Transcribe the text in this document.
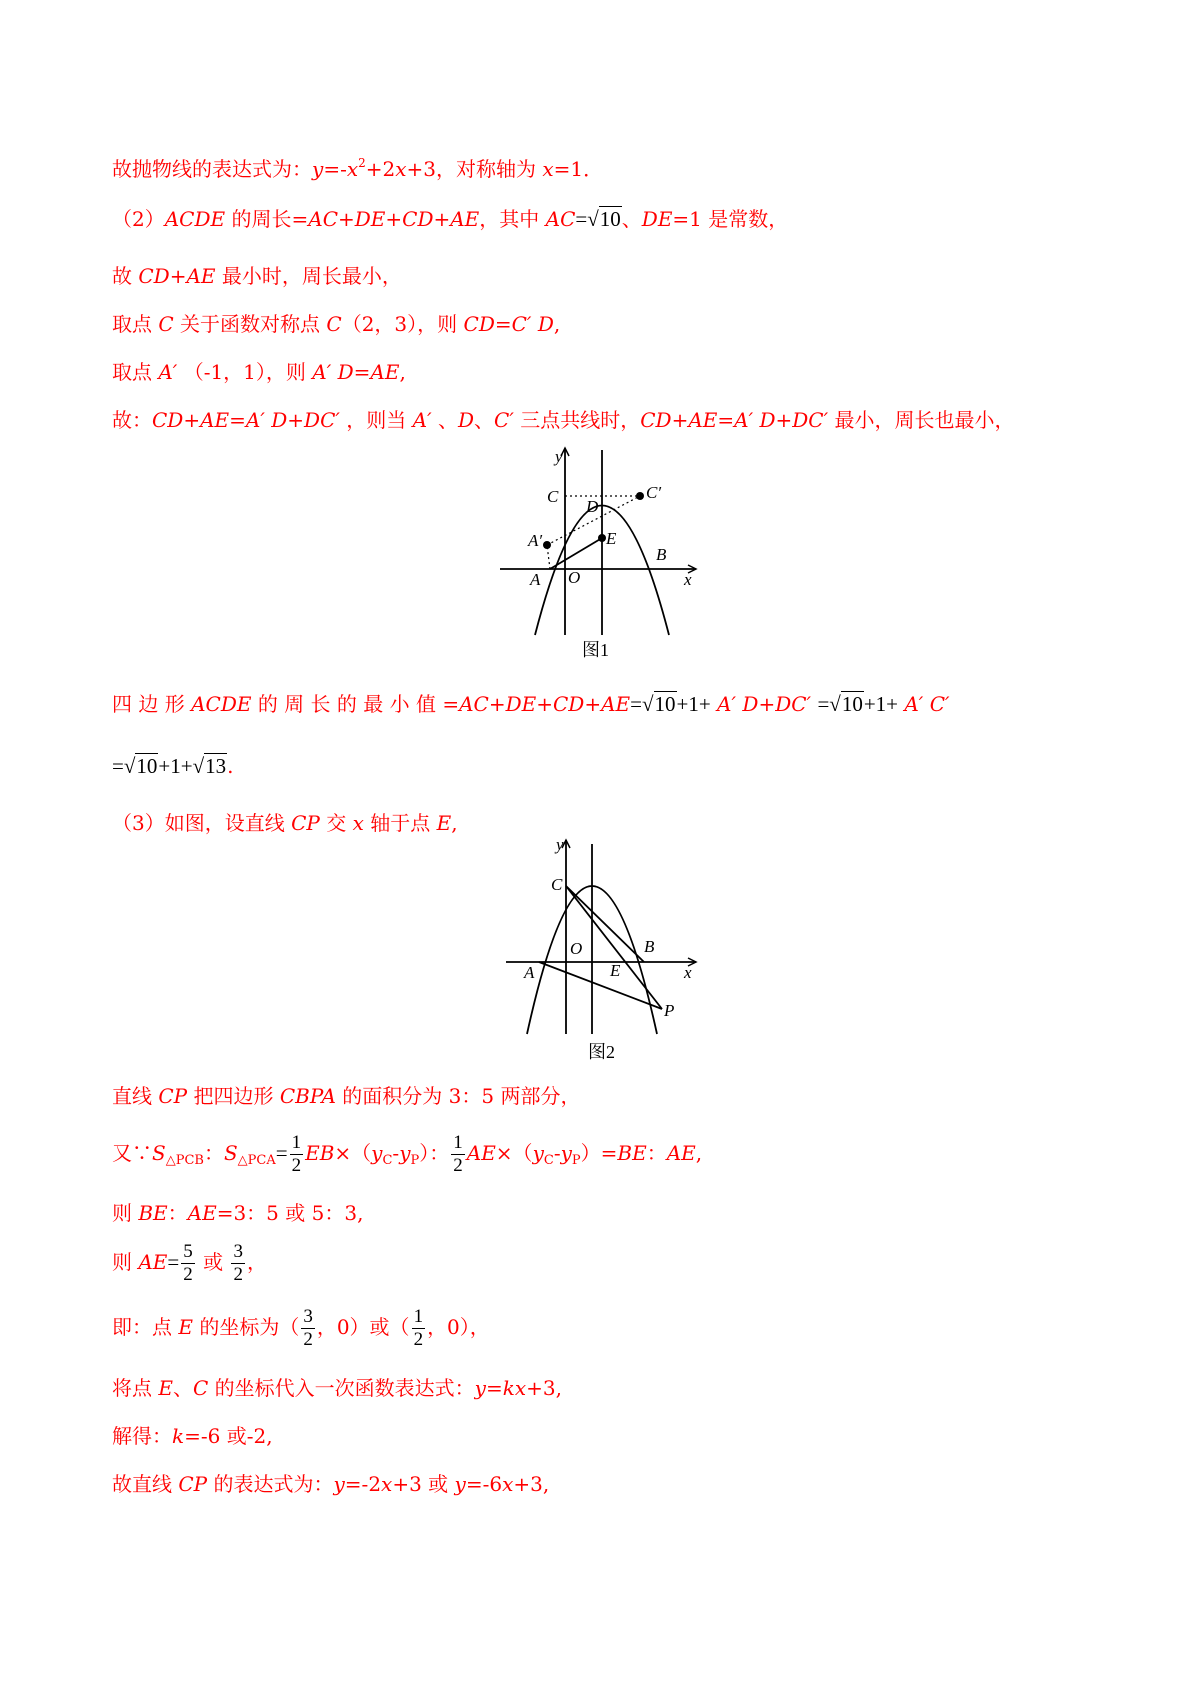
故抛物线的表达式为：$y=-x^2+2x+3$，对称轴为 x=1．
（2）ACDE 的周长=AC+DE+CD+AE，其中 AC=√10、DE=1 是常数，
故 CD+AE 最小时，周长最小，
取点 C 关于函数对称点 C（2，3），则 CD=C′ D,
取点 A′ （-1，1），则 A′ D=AE,
故：CD+AE=A′ D+DC′ ，则当 A′ 、D、C′ 三点共线时，CD+AE=A′ D+DC′ 最小，周长也最小，
y
x
C	C′
D
A′	E
B
A O
图1
四 边 形 ACDE 的 周 长 的 最 小 值 =AC+DE+CD+AE=√10+1+ A′ D+DC′ =√10+1+ A′ C′
=√10+1+√13.
（3）如图，设直线 CP 交 x 轴于点 E,
y
x
C
O	B
A	E
P
图2
直线 CP 把四边形 CBPA 的面积分为 3：5 两部分，
又$\because S_{\triangle PCB}$：$S_{\triangle PCA}= \frac{1}{2} EB\times(y_C-y_P)$： $\frac{1}{2} AE\times(y_C-y_P)=BE$：AE,
则 BE：AE=3：5 或 5：3,
则 $AE= \frac{5}{2}$ 或 $\frac{3}{2}$ ，
即：点 E 的坐标为（ $\frac{3}{2}$ ，0）或（ $\frac{1}{2}$ ，0），
将点 E、C 的坐标代入一次函数表达式：y=kx+3,
解得：k=-6 或-2,
故直线 CP 的表达式为：y=-2x+3 或 y=-6x+3,
